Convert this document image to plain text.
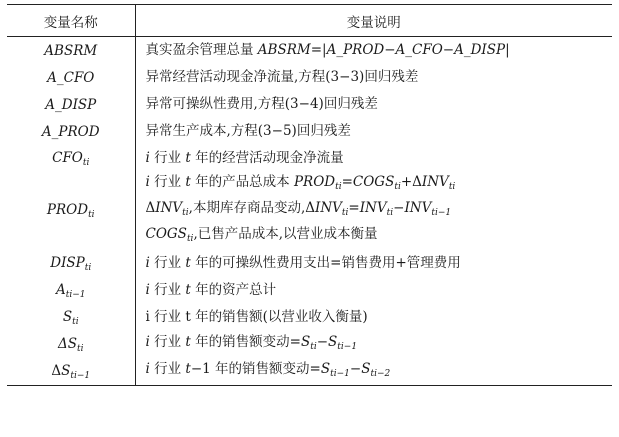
变量名称	变量说明
ABSRM	真实盈余管理总量 ABSRM=|A_PROD−A_CFO−A_DISP|
A_CFO	异常经营活动现金净流量,方程(3−3)回归残差
A_DISP	异常可操纵性费用,方程(3−4)回归残差
A_PROD	异常生产成本,方程(3−5)回归残差
$CFO_{ti}$	i 行业 t 年的经营活动现金净流量
$PROD_{ti}$	i 行业 t 年的产品总成本 $PROD_{ti}=COGS_{ti}+\Delta INV_{ti}$
$\Delta INV_{ti}$,本期库存商品变动$,\Delta INV_{ti}=INV_{ti}-INV_{ti-1}$
$COGS_{ti}$,已售产品成本,以营业成本衡量

$DISP_{ti}$	i 行业 t 年的可操纵性费用支出=销售费用+管理费用
$A_{ti-1}$	i 行业 t 年的资产总计
$S_{ti}$	i 行业 t 年的销售额(以营业收入衡量)
$\Delta S_{ti}$	i 行业 t 年的销售额变动$=S_{ti}-S_{ti-1}$
$\Delta S_{ti-1}$	i 行业 t−1 年的销售额变动$=S_{ti-1}-S_{ti-2}$
